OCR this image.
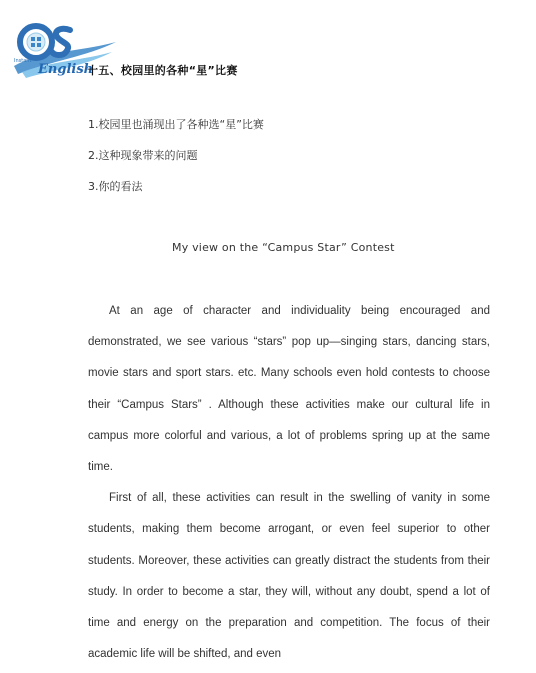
English
Instant
十五、校园里的各种“星”比赛
1.校园里也涌现出了各种选“星”比赛
2.这种现象带来的问题
3.你的看法
My view on the “Campus Star” Contest

At an age of character and individuality being encouraged and demonstrated, we see various “stars” pop up—singing stars, dancing stars, movie stars and sport stars. etc. Many schools even hold contests to choose their “Campus Stars” . Although these activities make our cultural life in campus more colorful and various, a lot of problems spring up at the same time.

First of all, these activities can result in the swelling of vanity in some students, making them become arrogant, or even feel superior to other students. Moreover, these activities can greatly distract the students from their study. In order to become a star, they will, without any doubt, spend a lot of time and energy on the preparation and competition. The focus of their academic life will be shifted, and even
